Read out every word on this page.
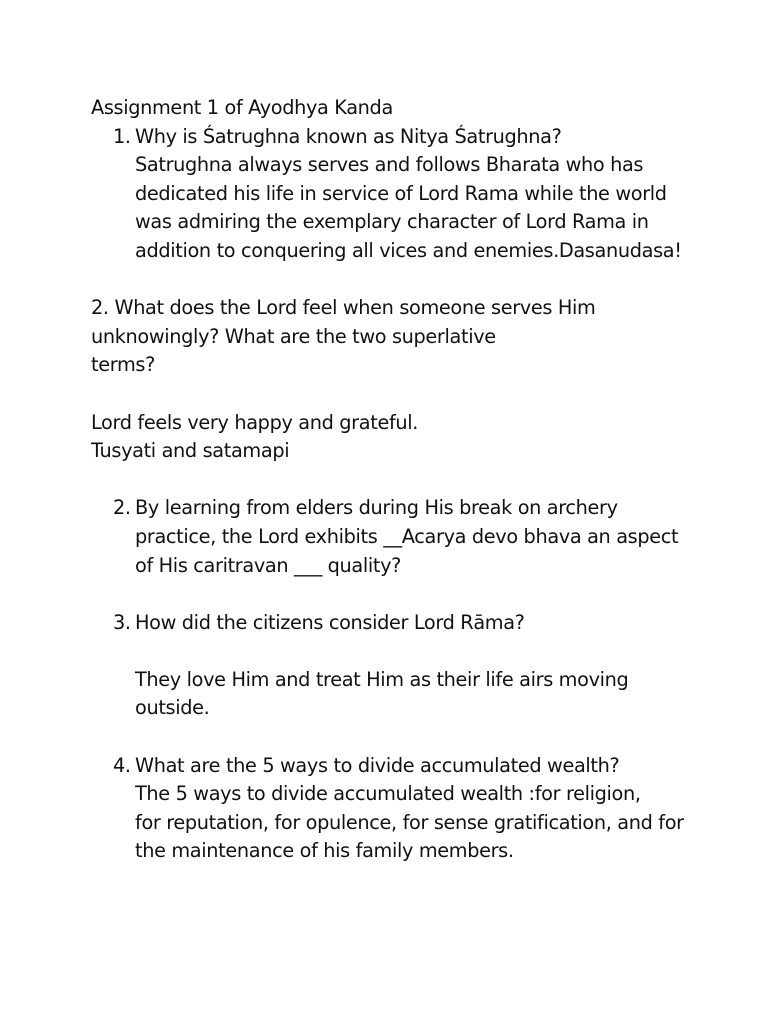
Assignment 1 of Ayodhya Kanda
1. Why is Śatrughna known as Nitya Śatrughna?
Satrughna always serves and follows Bharata who has
dedicated his life in service of Lord Rama while the world
was admiring the exemplary character of Lord Rama in
addition to conquering all vices and enemies.Dasanudasa!
2. What does the Lord feel when someone serves Him
unknowingly? What are the two superlative
terms?
Lord feels very happy and grateful.
Tusyati and satamapi
2. By learning from elders during His break on archery
practice, the Lord exhibits __Acarya devo bhava an aspect
of His caritravan ___ quality?
3. How did the citizens consider Lord Rāma?
They love Him and treat Him as their life airs moving
outside.
4. What are the 5 ways to divide accumulated wealth?
The 5 ways to divide accumulated wealth :for religion,
for reputation, for opulence, for sense gratification, and for
the maintenance of his family members.
